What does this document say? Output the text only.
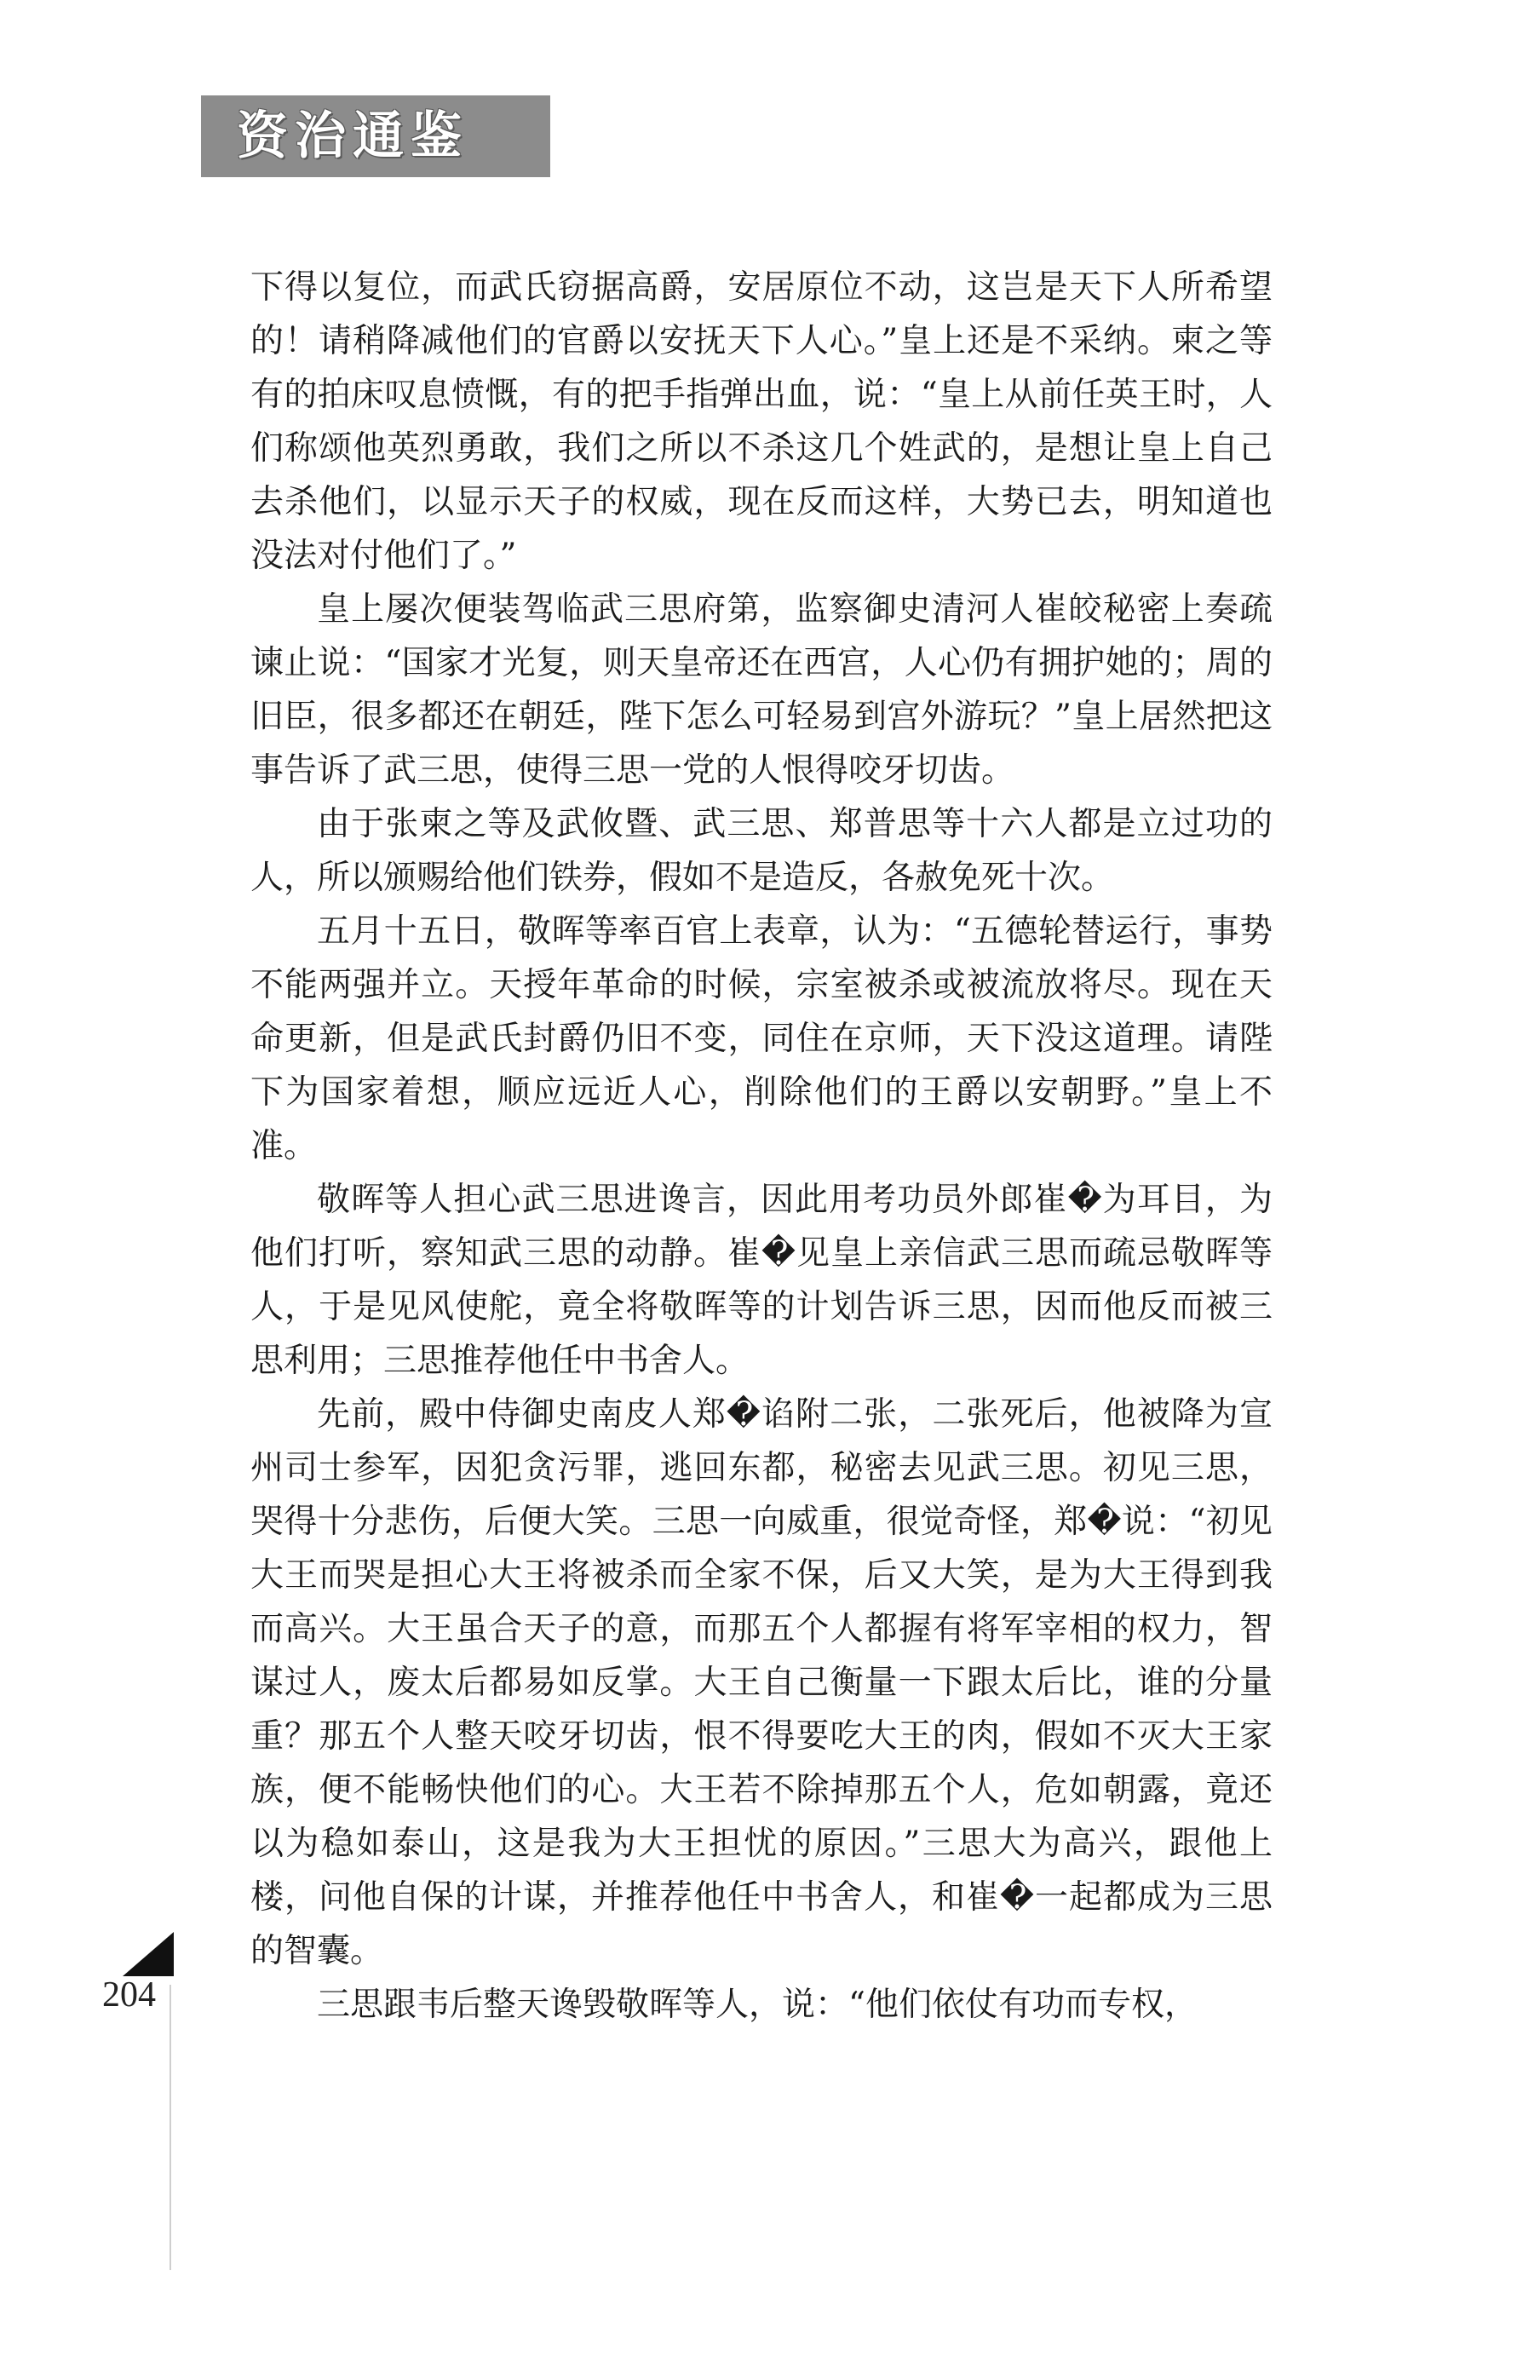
资治通鉴

下得以复位，而武氏窃据高爵，安居原位不动，这岂是天下人所希望的！请稍降减他们的官爵以安抚天下人心。”皇上还是不采纳。柬之等有的拍床叹息愤慨，有的把手指弹出血，说：“皇上从前任英王时，人们称颂他英烈勇敢，我们之所以不杀这几个姓武的，是想让皇上自己去杀他们，以显示天子的权威，现在反而这样，大势已去，明知道也没法对付他们了。”

皇上屡次便装驾临武三思府第，监察御史清河人崔皎秘密上奏疏谏止说：“国家才光复，则天皇帝还在西宫，人心仍有拥护她的；周的旧臣，很多都还在朝廷，陛下怎么可轻易到宫外游玩？”皇上居然把这事告诉了武三思，使得三思一党的人恨得咬牙切齿。

由于张柬之等及武攸暨、武三思、郑普思等十六人都是立过功的人，所以颁赐给他们铁券，假如不是造反，各赦免死十次。

五月十五日，敬晖等率百官上表章，认为：“五德轮替运行，事势不能两强并立。天授年革命的时候，宗室被杀或被流放将尽。现在天命更新，但是武氏封爵仍旧不变，同住在京师，天下没这道理。请陛下为国家着想，顺应远近人心，削除他们的王爵以安朝野。”皇上不准。

敬晖等人担心武三思进谗言，因此用考功员外郎崔�为耳目，为他们打听，察知武三思的动静。崔�见皇上亲信武三思而疏忌敬晖等人，于是见风使舵，竟全将敬晖等的计划告诉三思，因而他反而被三思利用；三思推荐他任中书舍人。

先前，殿中侍御史南皮人郑�谄附二张，二张死后，他被降为宣州司士参军，因犯贪污罪，逃回东都，秘密去见武三思。初见三思，哭得十分悲伤，后便大笑。三思一向威重，很觉奇怪，郑�说：“初见大王而哭是担心大王将被杀而全家不保，后又大笑，是为大王得到我而高兴。大王虽合天子的意，而那五个人都握有将军宰相的权力，智谋过人，废太后都易如反掌。大王自己衡量一下跟太后比，谁的分量重？那五个人整天咬牙切齿，恨不得要吃大王的肉，假如不灭大王家族，便不能畅快他们的心。大王若不除掉那五个人，危如朝露，竟还以为稳如泰山，这是我为大王担忧的原因。”三思大为高兴，跟他上楼，问他自保的计谋，并推荐他任中书舍人，和崔�一起都成为三思的智囊。

三思跟韦后整天谗毁敬晖等人，说：“他们依仗有功而专权，

204
